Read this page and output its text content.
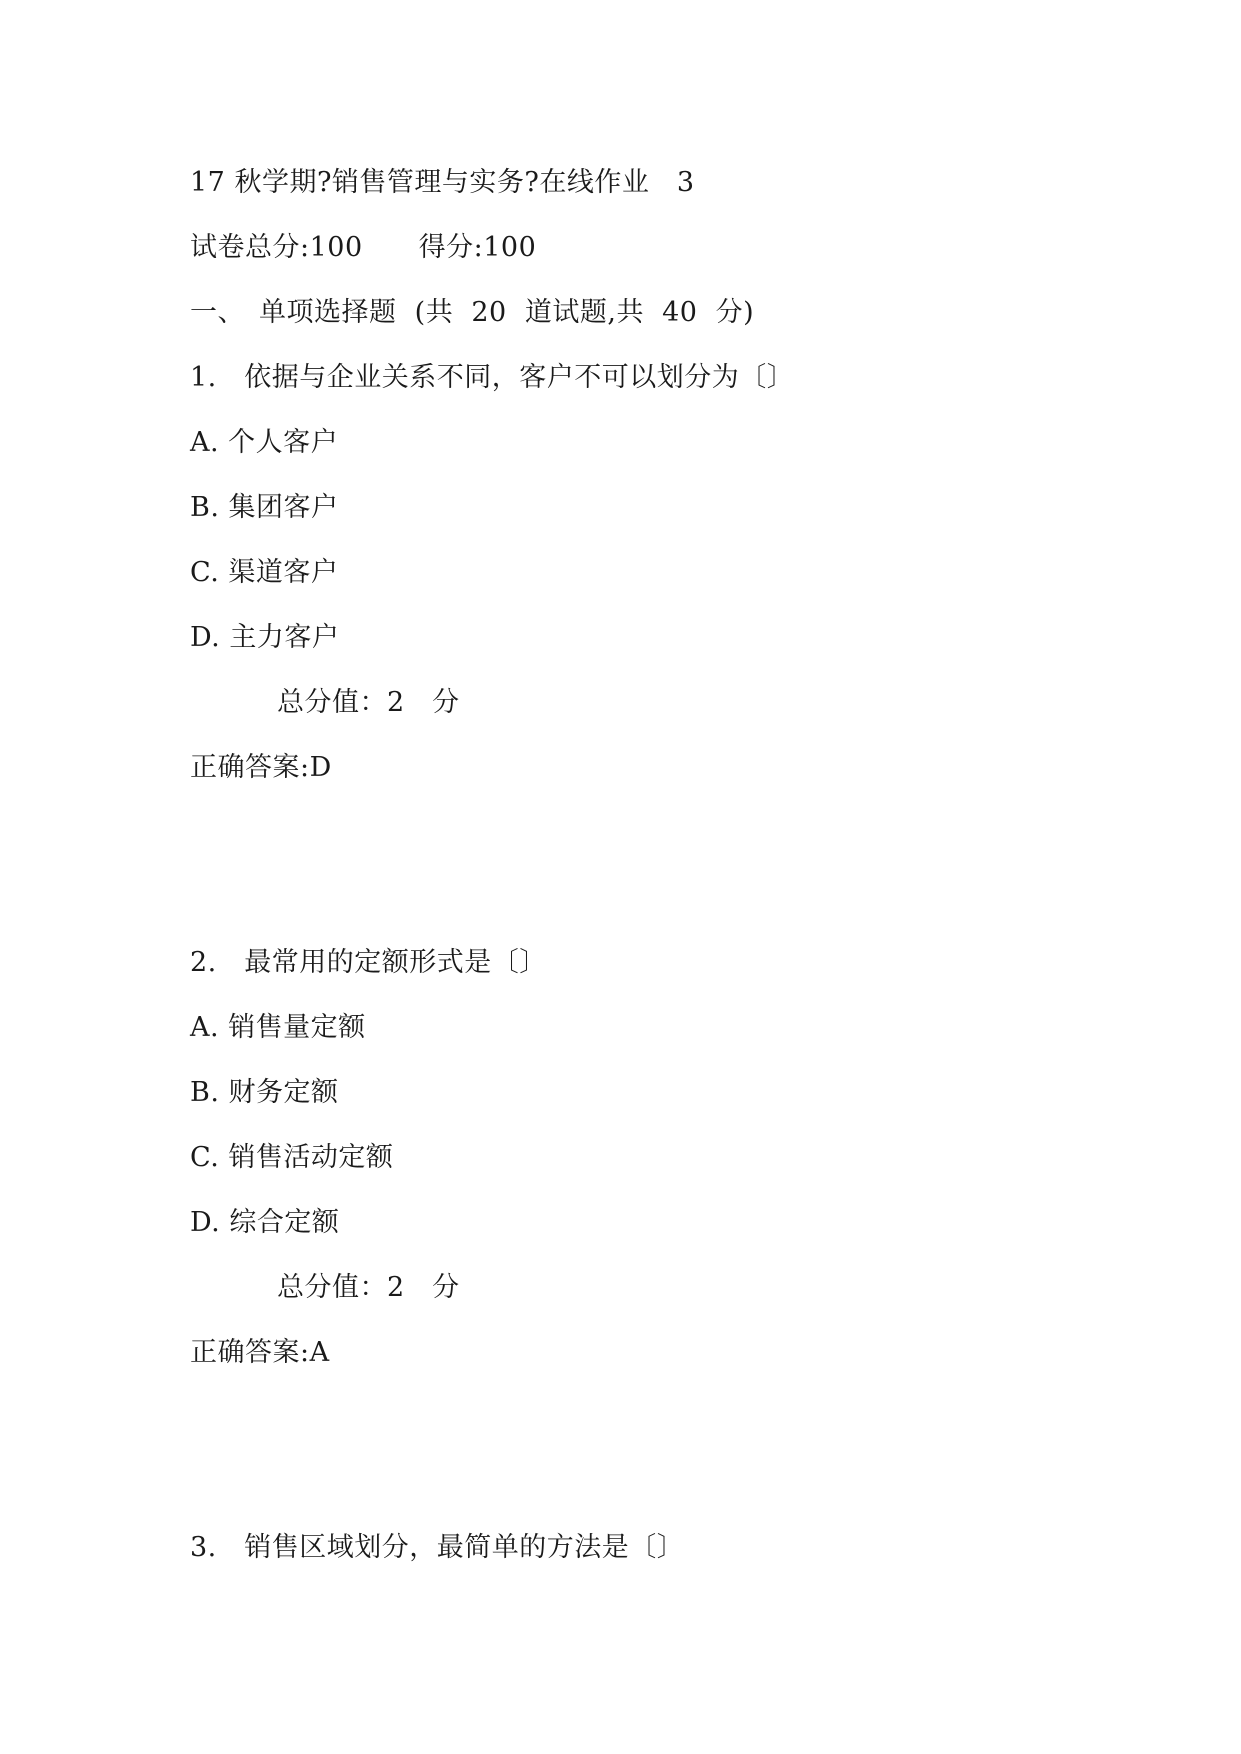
17 秋学期?销售管理与实务?在线作业　3
试卷总分:100 得分:100
一、　单项选择题  (共  20  道试题,共  40  分)
1.　依据与企业关系不同，客户不可以划分为〔〕
A. 个人客户
B. 集团客户
C. 渠道客户
D. 主力客户
总分值：2　分
正确答案:D
2.　最常用的定额形式是〔〕
A. 销售量定额
B. 财务定额
C. 销售活动定额
D. 综合定额
总分值：2　分
正确答案:A
3.　销售区域划分，最简单的方法是〔〕
